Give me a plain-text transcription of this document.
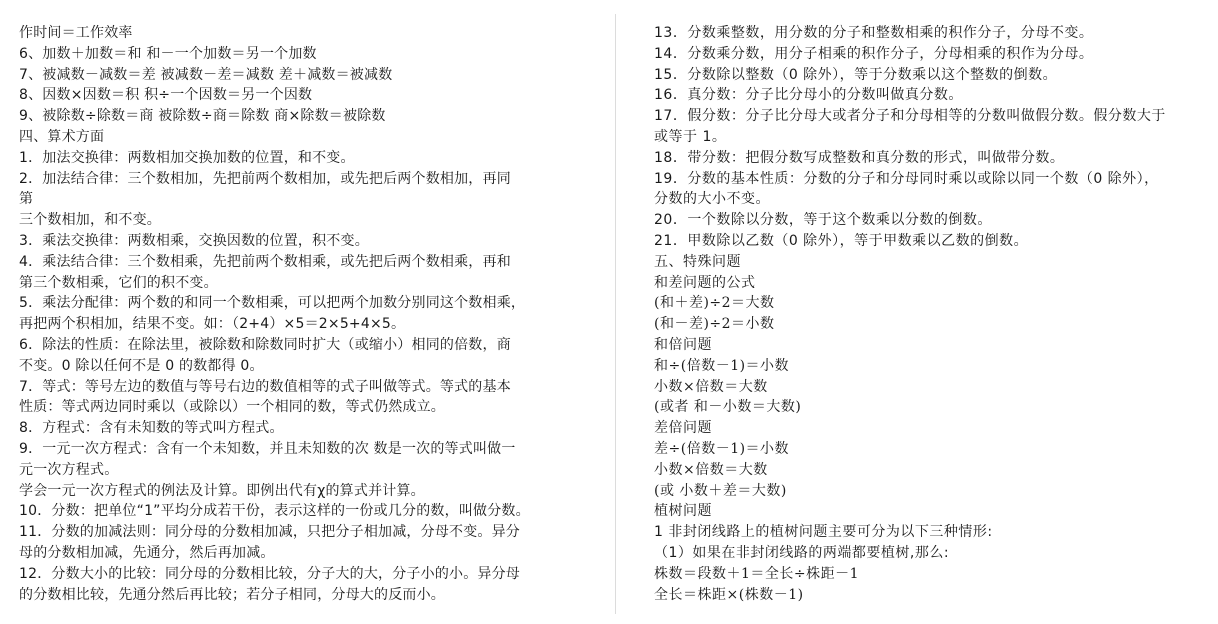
作时间＝工作效率
6、加数＋加数＝和 和－一个加数＝另一个加数
7、被减数－减数＝差 被减数－差＝减数 差＋减数＝被减数
8、因数×因数＝积 积÷一个因数＝另一个因数
9、被除数÷除数＝商 被除数÷商＝除数 商×除数＝被除数
四、算术方面
1．加法交换律：两数相加交换加数的位置，和不变。
2．加法结合律：三个数相加，先把前两个数相加，或先把后两个数相加，再同
第
三个数相加，和不变。
3．乘法交换律：两数相乘，交换因数的位置，积不变。
4．乘法结合律：三个数相乘，先把前两个数相乘，或先把后两个数相乘，再和
第三个数相乘，它们的积不变。
5．乘法分配律：两个数的和同一个数相乘，可以把两个加数分别同这个数相乘，
再把两个积相加，结果不变。如：（2+4）×5＝2×5+4×5。
6．除法的性质：在除法里，被除数和除数同时扩大（或缩小）相同的倍数，商
不变。0 除以任何不是 0 的数都得 0。
7．等式：等号左边的数值与等号右边的数值相等的式子叫做等式。等式的基本
性质：等式两边同时乘以（或除以）一个相同的数，等式仍然成立。
8．方程式：含有未知数的等式叫方程式。
9．一元一次方程式：含有一个未知数，并且未知数的次 数是一次的等式叫做一
元一次方程式。
学会一元一次方程式的例法及计算。即例出代有χ的算式并计算。
10．分数：把单位“1”平均分成若干份，表示这样的一份或几分的数，叫做分数。
11．分数的加减法则：同分母的分数相加减，只把分子相加减，分母不变。异分
母的分数相加减，先通分，然后再加减。
12．分数大小的比较：同分母的分数相比较，分子大的大，分子小的小。异分母
的分数相比较，先通分然后再比较；若分子相同，分母大的反而小。
13．分数乘整数，用分数的分子和整数相乘的积作分子，分母不变。
14．分数乘分数，用分子相乘的积作分子，分母相乘的积作为分母。
15．分数除以整数（0 除外），等于分数乘以这个整数的倒数。
16．真分数：分子比分母小的分数叫做真分数。
17．假分数：分子比分母大或者分子和分母相等的分数叫做假分数。假分数大于
或等于 1。
18．带分数：把假分数写成整数和真分数的形式，叫做带分数。
19．分数的基本性质：分数的分子和分母同时乘以或除以同一个数（0 除外），
分数的大小不变。
20．一个数除以分数，等于这个数乘以分数的倒数。
21．甲数除以乙数（0 除外），等于甲数乘以乙数的倒数。
五、特殊问题
和差问题的公式
(和＋差)÷2＝大数
(和－差)÷2＝小数
和倍问题
和÷(倍数－1)＝小数
小数×倍数＝大数
(或者 和－小数＝大数)
差倍问题
差÷(倍数－1)＝小数
小数×倍数＝大数
(或 小数＋差＝大数)
植树问题
1 非封闭线路上的植树问题主要可分为以下三种情形:
（1）如果在非封闭线路的两端都要植树,那么:
株数＝段数＋1＝全长÷株距－1
全长＝株距×(株数－1)
